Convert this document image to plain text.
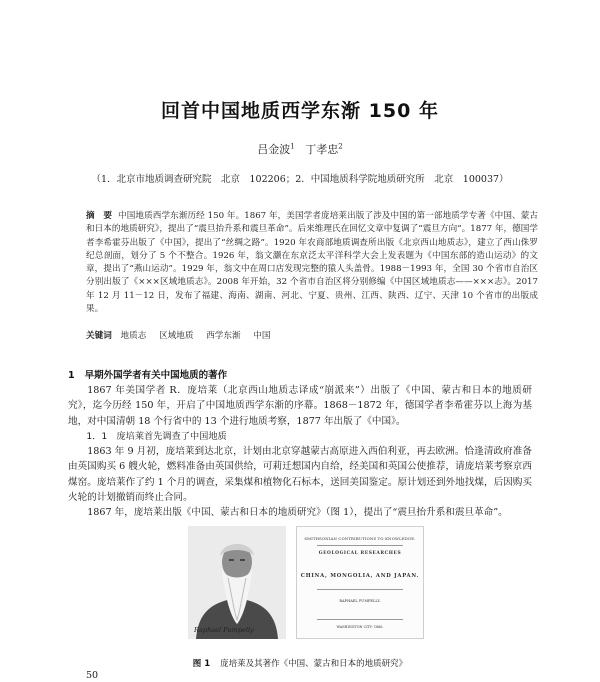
回首中国地质西学东渐 150 年
吕金波$^1$ 丁孝忠$^2$
（1．北京市地质调查研究院　北京　102206；2．中国地质科学院地质研究所　北京　100037）
摘　要 中国地质西学东渐历经 150 年。1867 年，美国学者庞培莱出版了涉及中国的第一部地质学专著《中国、蒙古和日本的地质研究》，提出了“震旦抬升系和震旦革命”。后来维理氏在回忆文章中复调了“震旦方向”。1877 年，德国学者李希霍芬出版了《中国》，提出了“丝绸之路”。1920 年农商部地质调查所出版《北京西山地质志》，建立了西山侏罗纪总剖面，划分了 5 个不整合。1926 年，翁文灏在东京泛太平洋科学大会上发表题为《中国东部的造山运动》的文章，提出了“燕山运动”。1929 年，翁文中在周口店发现完整的猿人头盖骨。1988－1993 年，全国 30 个省市自治区分别出版了《×××区域地质志》。2008 年开始，32 个省市自治区将分别修编《中国区域地质志——×××志》。2017 年 12 月 11－12 日，发布了福建、海南、湖南、河北、宁夏、贵州、江西、陕西、辽宁、天津 10 个省市的出版成果。
关键词 地质志 区域地质 西学东渐 中国
1 早期外国学者有关中国地质的著作

1867 年美国学者 R．庞培莱（北京西山地质志译成“崩派来”）出版了《中国、蒙古和日本的地质研究》，迄今历经 150 年，开启了中国地质西学东渐的序幕。1868－1872 年，德国学者李希霍芬以上海为基地，对中国清朝 18 个行省中的 13 个进行地质考察，1877 年出版了《中国》。

1．1　 庞培莱首先调查了中国地质

1863 年 9 月初，庞培莱到达北京，计划由北京穿越蒙古高原进入西伯利亚，再去欧洲。恰逢清政府准备由英国购买 6 艘火轮，燃料准备由英国供给，可莉迁想国内自给，经美国和英国公使推荐，请庞培莱考察京西煤窑。庞培莱作了约 1 个月的调查，采集煤和植物化石标本，送回美国鉴定。原计划还到外地找煤，后因购买火轮的计划撤销而终止合同。

1867 年，庞培莱出版《中国、蒙古和日本的地质研究》（图 1），提出了“震旦抬升系和震旦革命”。

Raphael Pumpelly
SMITHSONIAN CONTRIBUTIONS TO KNOWLEDGE.
GEOLOGICAL RESEARCHES
CHINA, MONGOLIA, AND JAPAN.
RAPHAEL PUMPELLY.
WASHINGTON CITY: 1866.
图 1 庞培莱及其著作《中国、蒙古和日本的地质研究》
50
